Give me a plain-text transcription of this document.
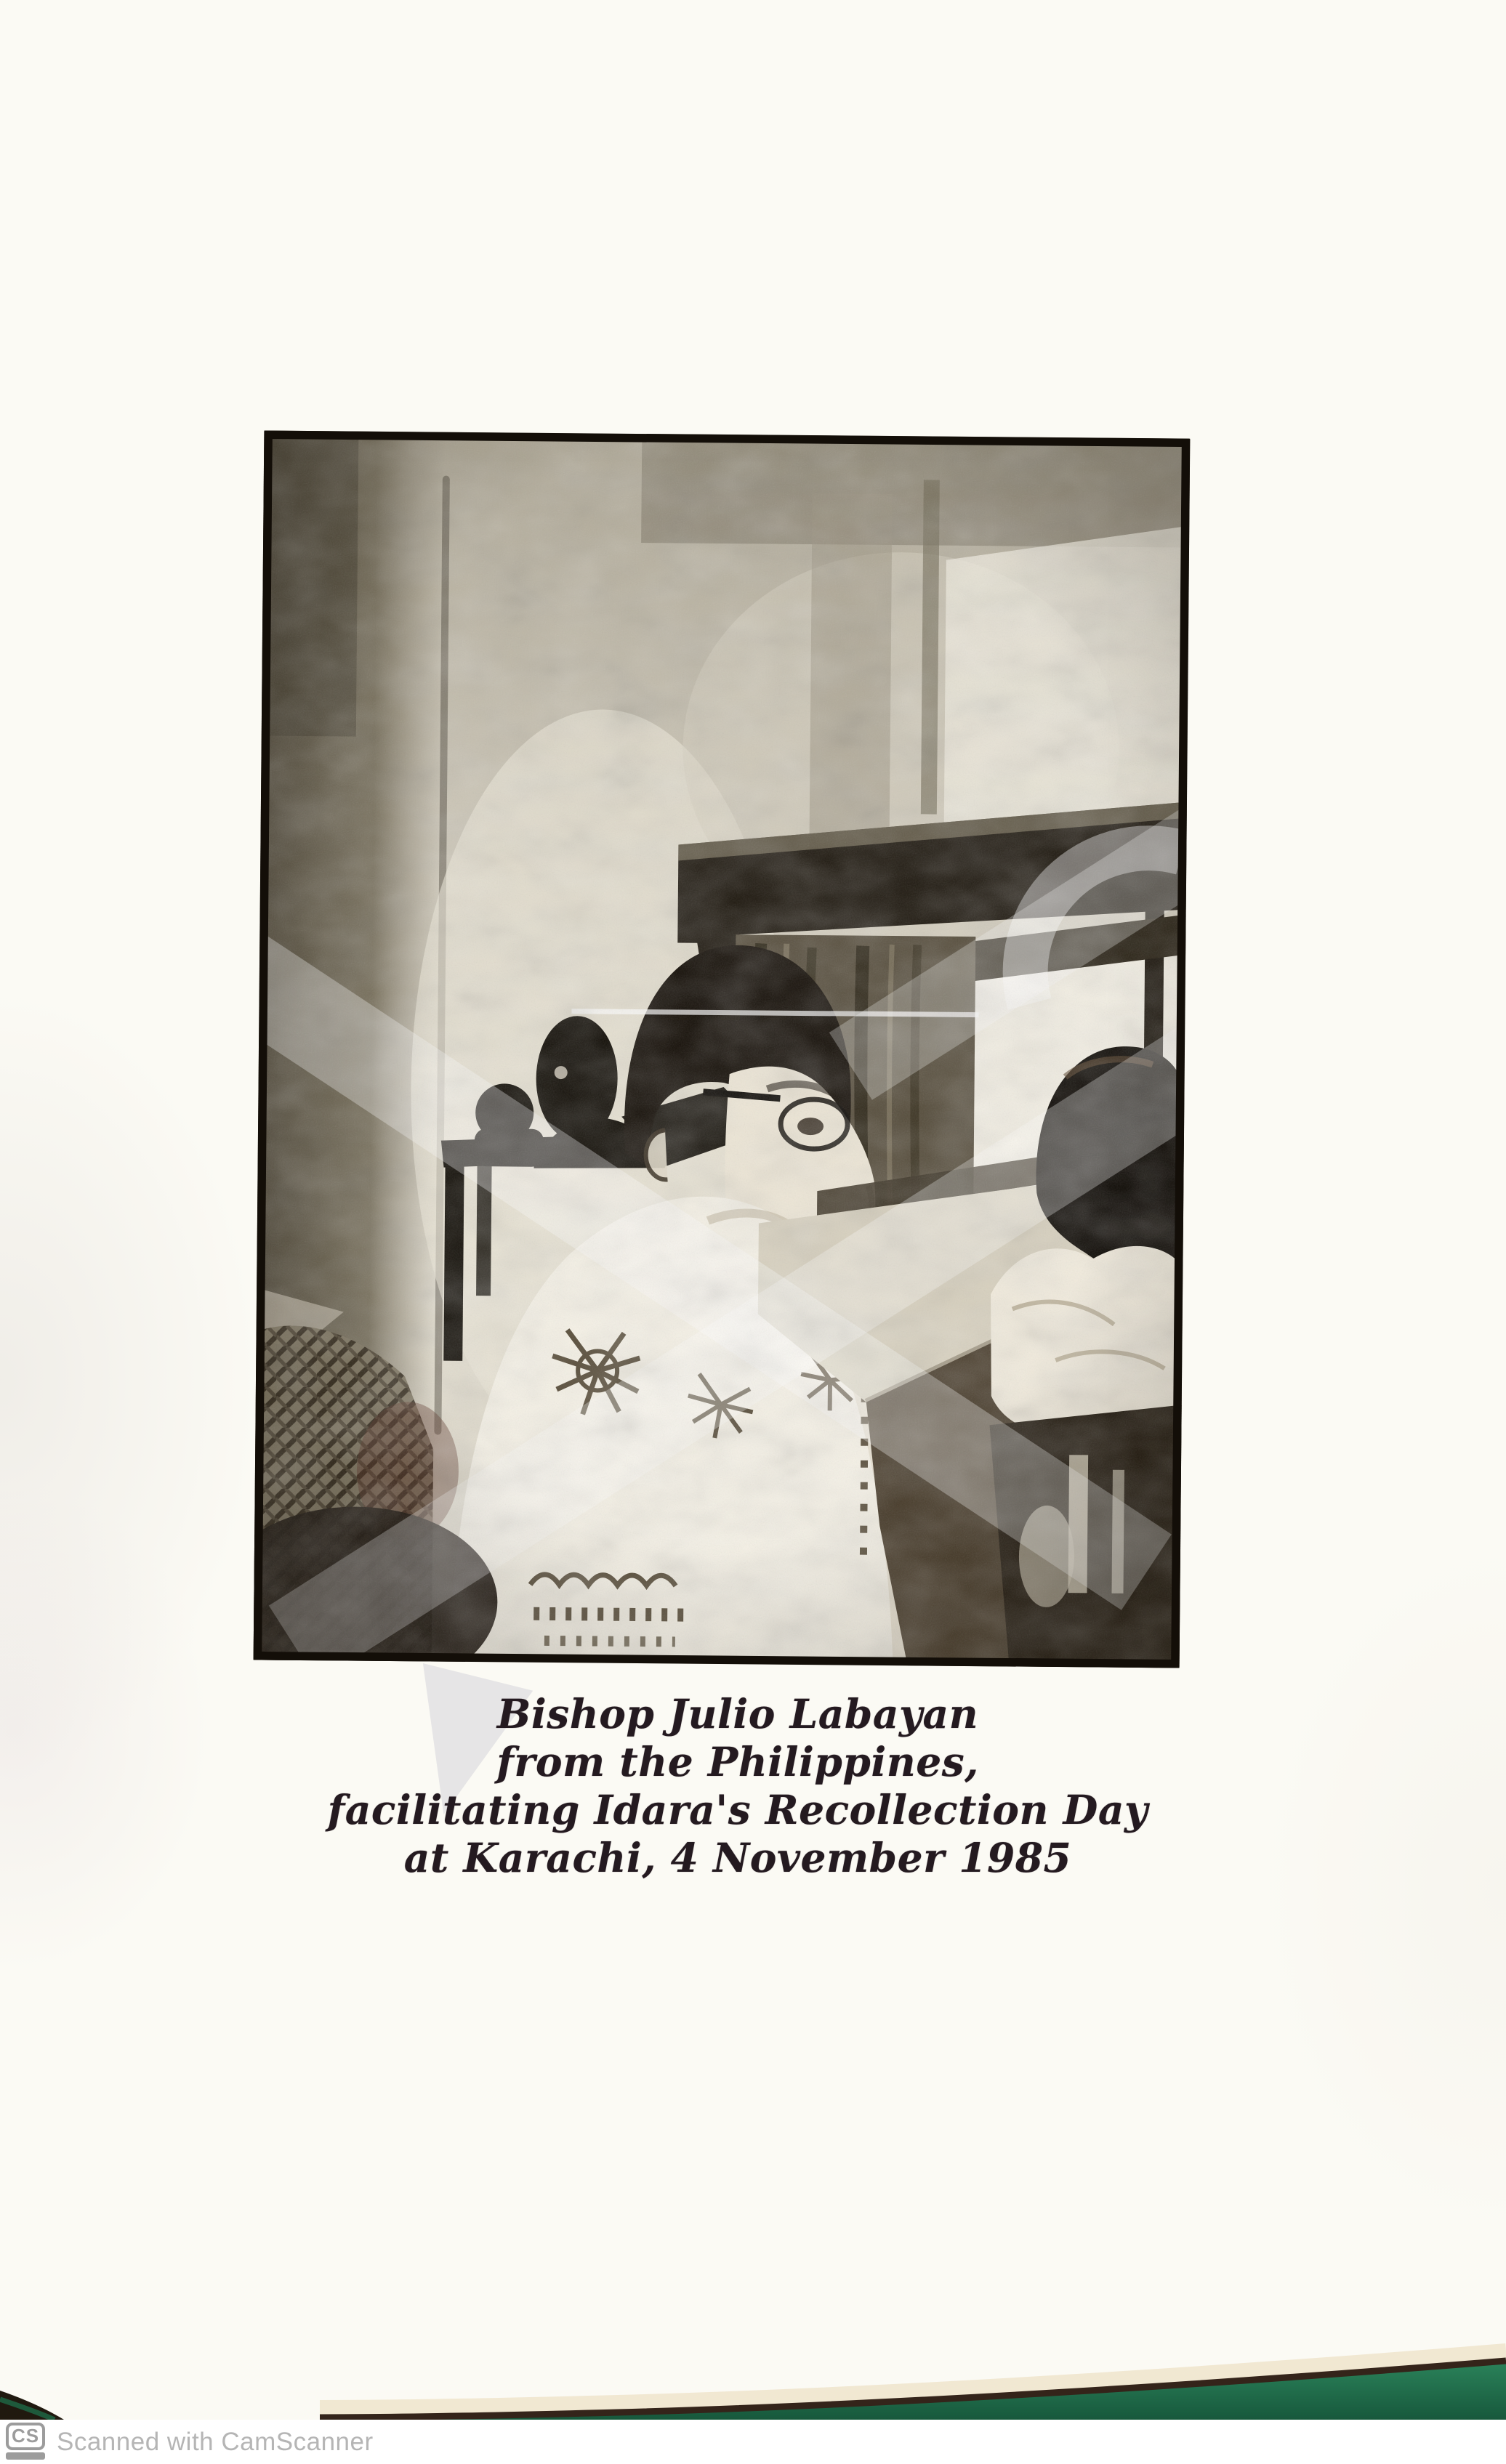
Bishop Julio Labayan
from the Philippines,
facilitating Idara's Recollection Day
at Karachi, 4 November 1985
CS Scanned with CamScanner
